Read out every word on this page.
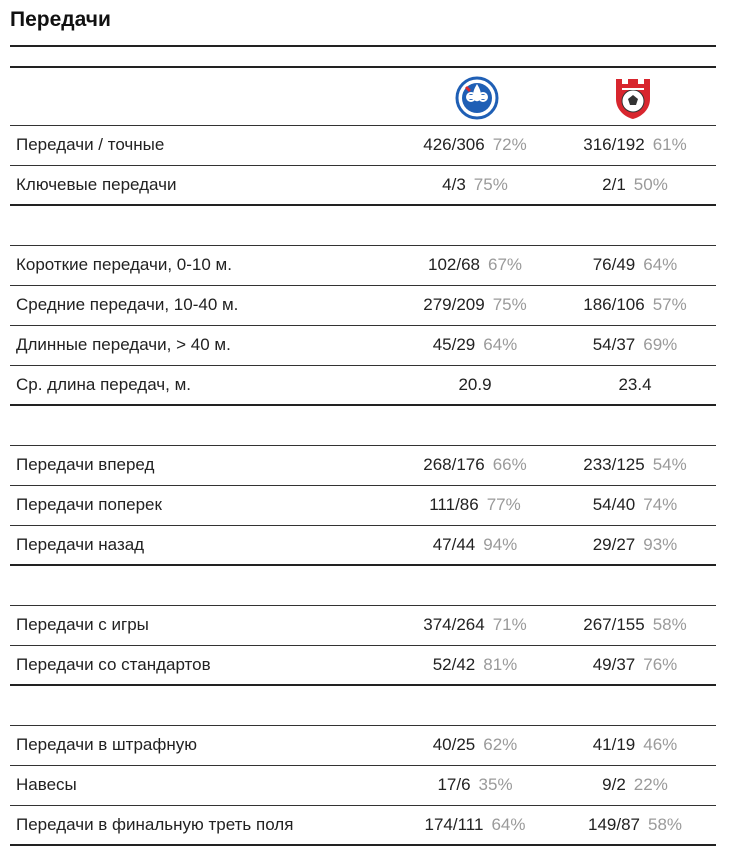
Передачи
Передачи / точные	426/306 72%	316/192 61%
Ключевые передачи	4/3 75%	2/1 50%
Короткие передачи, 0-10 м.	102/68 67%	76/49 64%
Средние передачи, 10-40 м.	279/209 75%	186/106 57%
Длинные передачи, > 40 м.	45/29 64%	54/37 69%
Ср. длина передач, м.	20.9	23.4
Передачи вперед	268/176 66%	233/125 54%
Передачи поперек	111/86 77%	54/40 74%
Передачи назад	47/44 94%	29/27 93%
Передачи с игры	374/264 71%	267/155 58%
Передачи со стандартов	52/42 81%	49/37 76%
Передачи в штрафную	40/25 62%	41/19 46%
Навесы	17/6 35%	9/2 22%
Передачи в финальную треть поля	174/111 64%	149/87 58%
